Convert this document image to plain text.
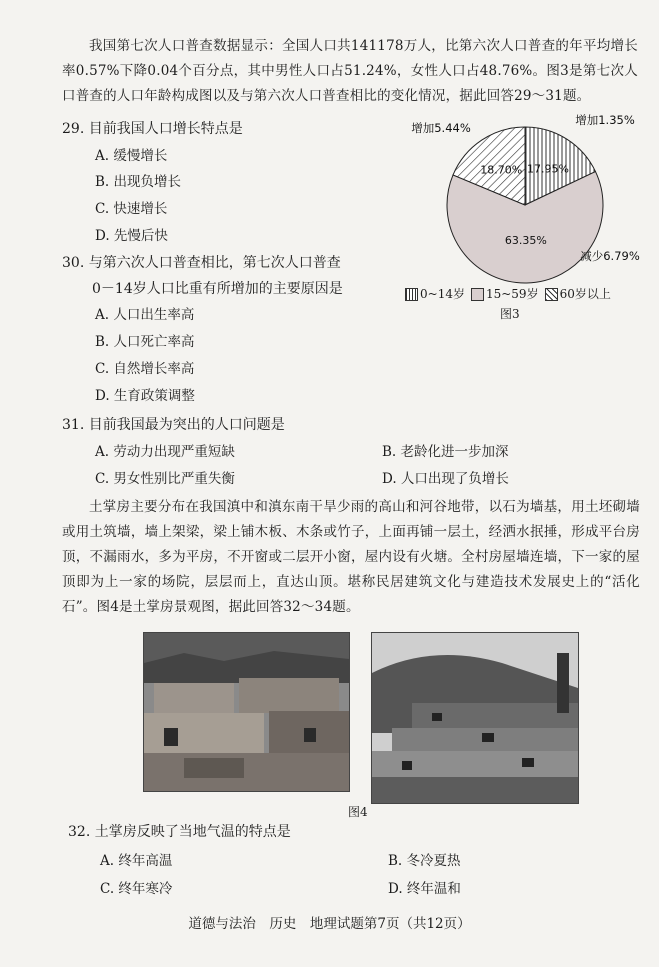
我国第七次人口普查数据显示：全国人口共141178万人，比第六次人口普查的年平均增长率0.57%下降0.04个百分点，其中男性人口占51.24%，女性人口占48.76%。图3是第七次人口普查的人口年龄构成图以及与第六次人口普查相比的变化情况，据此回答29～31题。

29. 目前我国人口增长特点是

A. 缓慢增长
B. 出现负增长
C. 快速增长
D. 先慢后快

30. 与第六次人口普查相比，第七次人口普查

0－14岁人口比重有所增加的主要原因是

A. 人口出生率高
B. 人口死亡率高
C. 自然增长率高
D. 生育政策调整
17.95%
63.35%
18.70%
增加1.35%
减少6.79%
增加5.44%
0~14岁	15~59岁	60岁以上
图3

31. 目前我国最为突出的人口问题是

A. 劳动力出现严重短缺	B. 老龄化进一步加深
C. 男女性别比严重失衡	D. 人口出现了负增长

土掌房主要分布在我国滇中和滇东南干旱少雨的高山和河谷地带，以石为墙基，用土坯砌墙或用土筑墙，墙上架梁，梁上铺木板、木条或竹子，上面再铺一层土，经洒水抿捶，形成平台房顶，不漏雨水，多为平房，不开窗或二层开小窗，屋内设有火塘。全村房屋墙连墙，下一家的屋顶即为上一家的场院，层层而上，直达山顶。堪称民居建筑文化与建造技术发展史上的“活化石”。图4是土掌房景观图，据此回答32～34题。

图4

32. 土掌房反映了当地气温的特点是

A. 终年高温	B. 冬冷夏热
C. 终年寒冷	D. 终年温和
道德与法治　历史　地理试题第7页（共12页）
